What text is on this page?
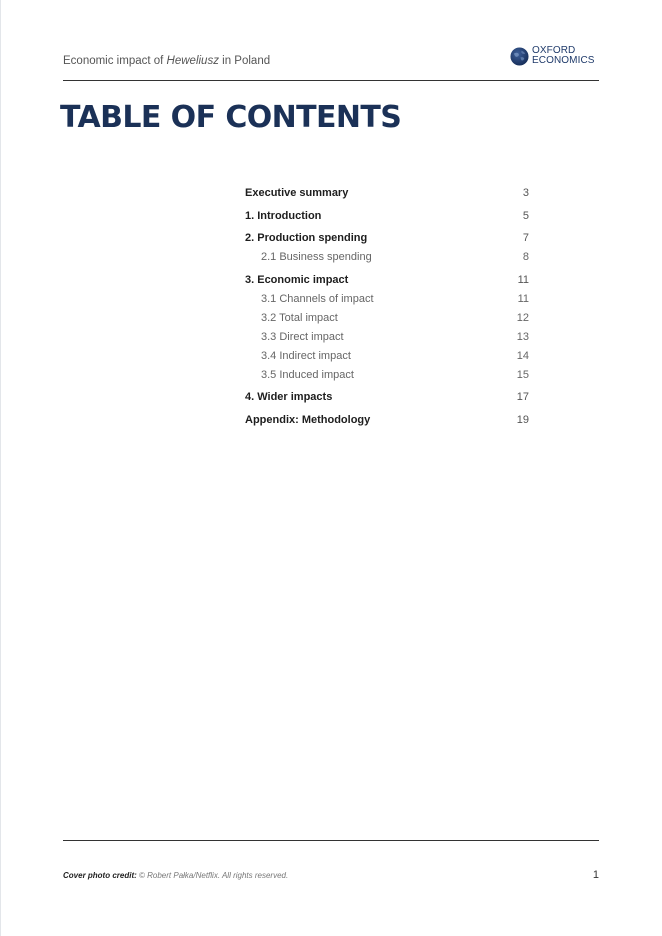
Economic impact of Heweliusz in Poland
OXFORD
ECONOMICS
TABLE OF CONTENTS
Executive summary	3
1. Introduction	5
2. Production spending	7
2.1 Business spending	8
3. Economic impact	11
3.1 Channels of impact	11
3.2 Total impact	12
3.3 Direct impact	13
3.4 Indirect impact	14
3.5 Induced impact	15
4. Wider impacts	17
Appendix: Methodology	19
Cover photo credit: © Robert Pałka/Netflix. All rights reserved.	1
